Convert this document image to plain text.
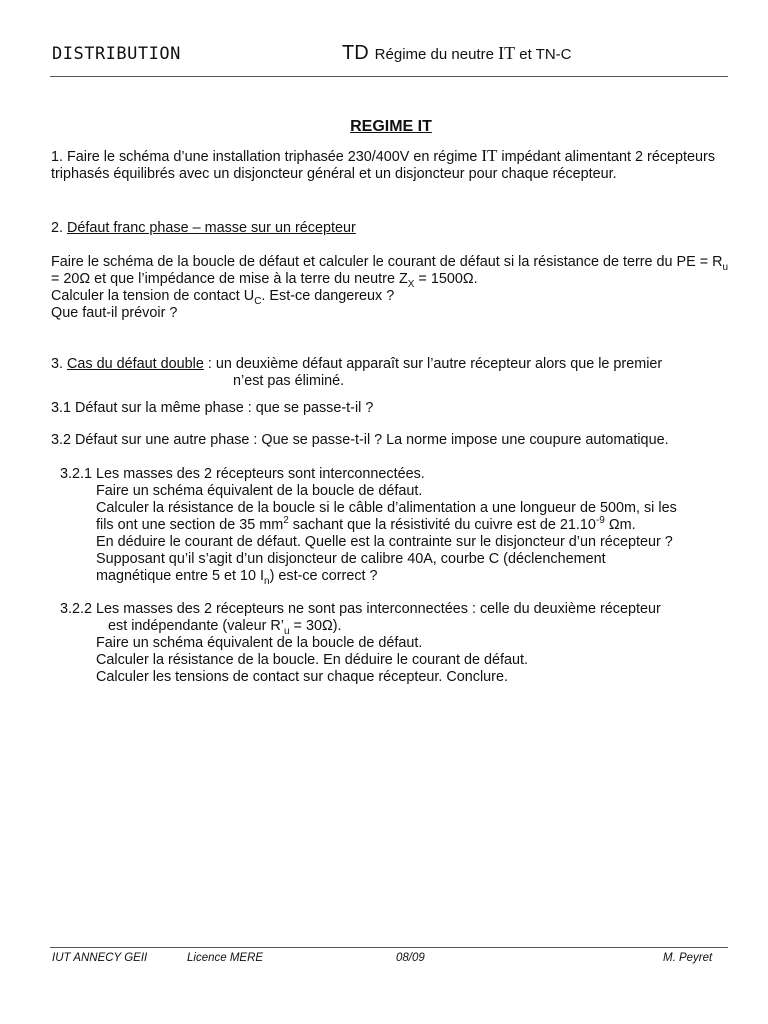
DISTRIBUTION	TD Régime du neutre IT et TN-C
REGIME IT

1. Faire le schéma d’une installation triphasée 230/400V en régime IT impédant alimentant 2 récepteurs triphasés équilibrés avec un disjoncteur général et un disjoncteur pour chaque récepteur.

2. Défaut franc phase – masse sur un récepteur

Faire le schéma de la boucle de défaut et calculer le courant de défaut si la résistance de terre du PE = $R_u = 20\Omega$ et que l’impédance de mise à la terre du neutre $Z_X = 1500\Omega$.

Calculer la tension de contact $U_C$. Est-ce dangereux ?

Que faut-il prévoir ?

3. Cas du défaut double : un deuxième défaut apparaît sur l’autre récepteur alors que le premier

n’est pas éliminé.

3.1 Défaut sur la même phase : que se passe-t-il ?

3.2 Défaut sur une autre phase : Que se passe-t-il ? La norme impose une coupure automatique.

3.2.1 Les masses des 2 récepteurs sont interconnectées.

Faire un schéma équivalent de la boucle de défaut.

Calculer la résistance de la boucle si le câble d’alimentation a une longueur de 500m, si les

fils ont une section de 35 $mm^2$ sachant que la résistivité du cuivre est de $21.10^{-9}$ Ωm.

En déduire le courant de défaut. Quelle est la contrainte sur le disjoncteur d’un récepteur ?

Supposant qu’il s’agit d’un disjoncteur de calibre 40A, courbe C (déclenchement

magnétique entre 5 et 10 $I_n$) est-ce correct ?

3.2.2 Les masses des 2 récepteurs ne sont pas interconnectées : celle du deuxième récepteur

est indépendante (valeur $R’_u = 30\Omega$).

Faire un schéma équivalent de la boucle de défaut.

Calculer la résistance de la boucle. En déduire le courant de défaut.

Calculer les tensions de contact sur chaque récepteur. Conclure.

IUT ANNECY GEII	Licence MERE	08/09	M. Peyret
